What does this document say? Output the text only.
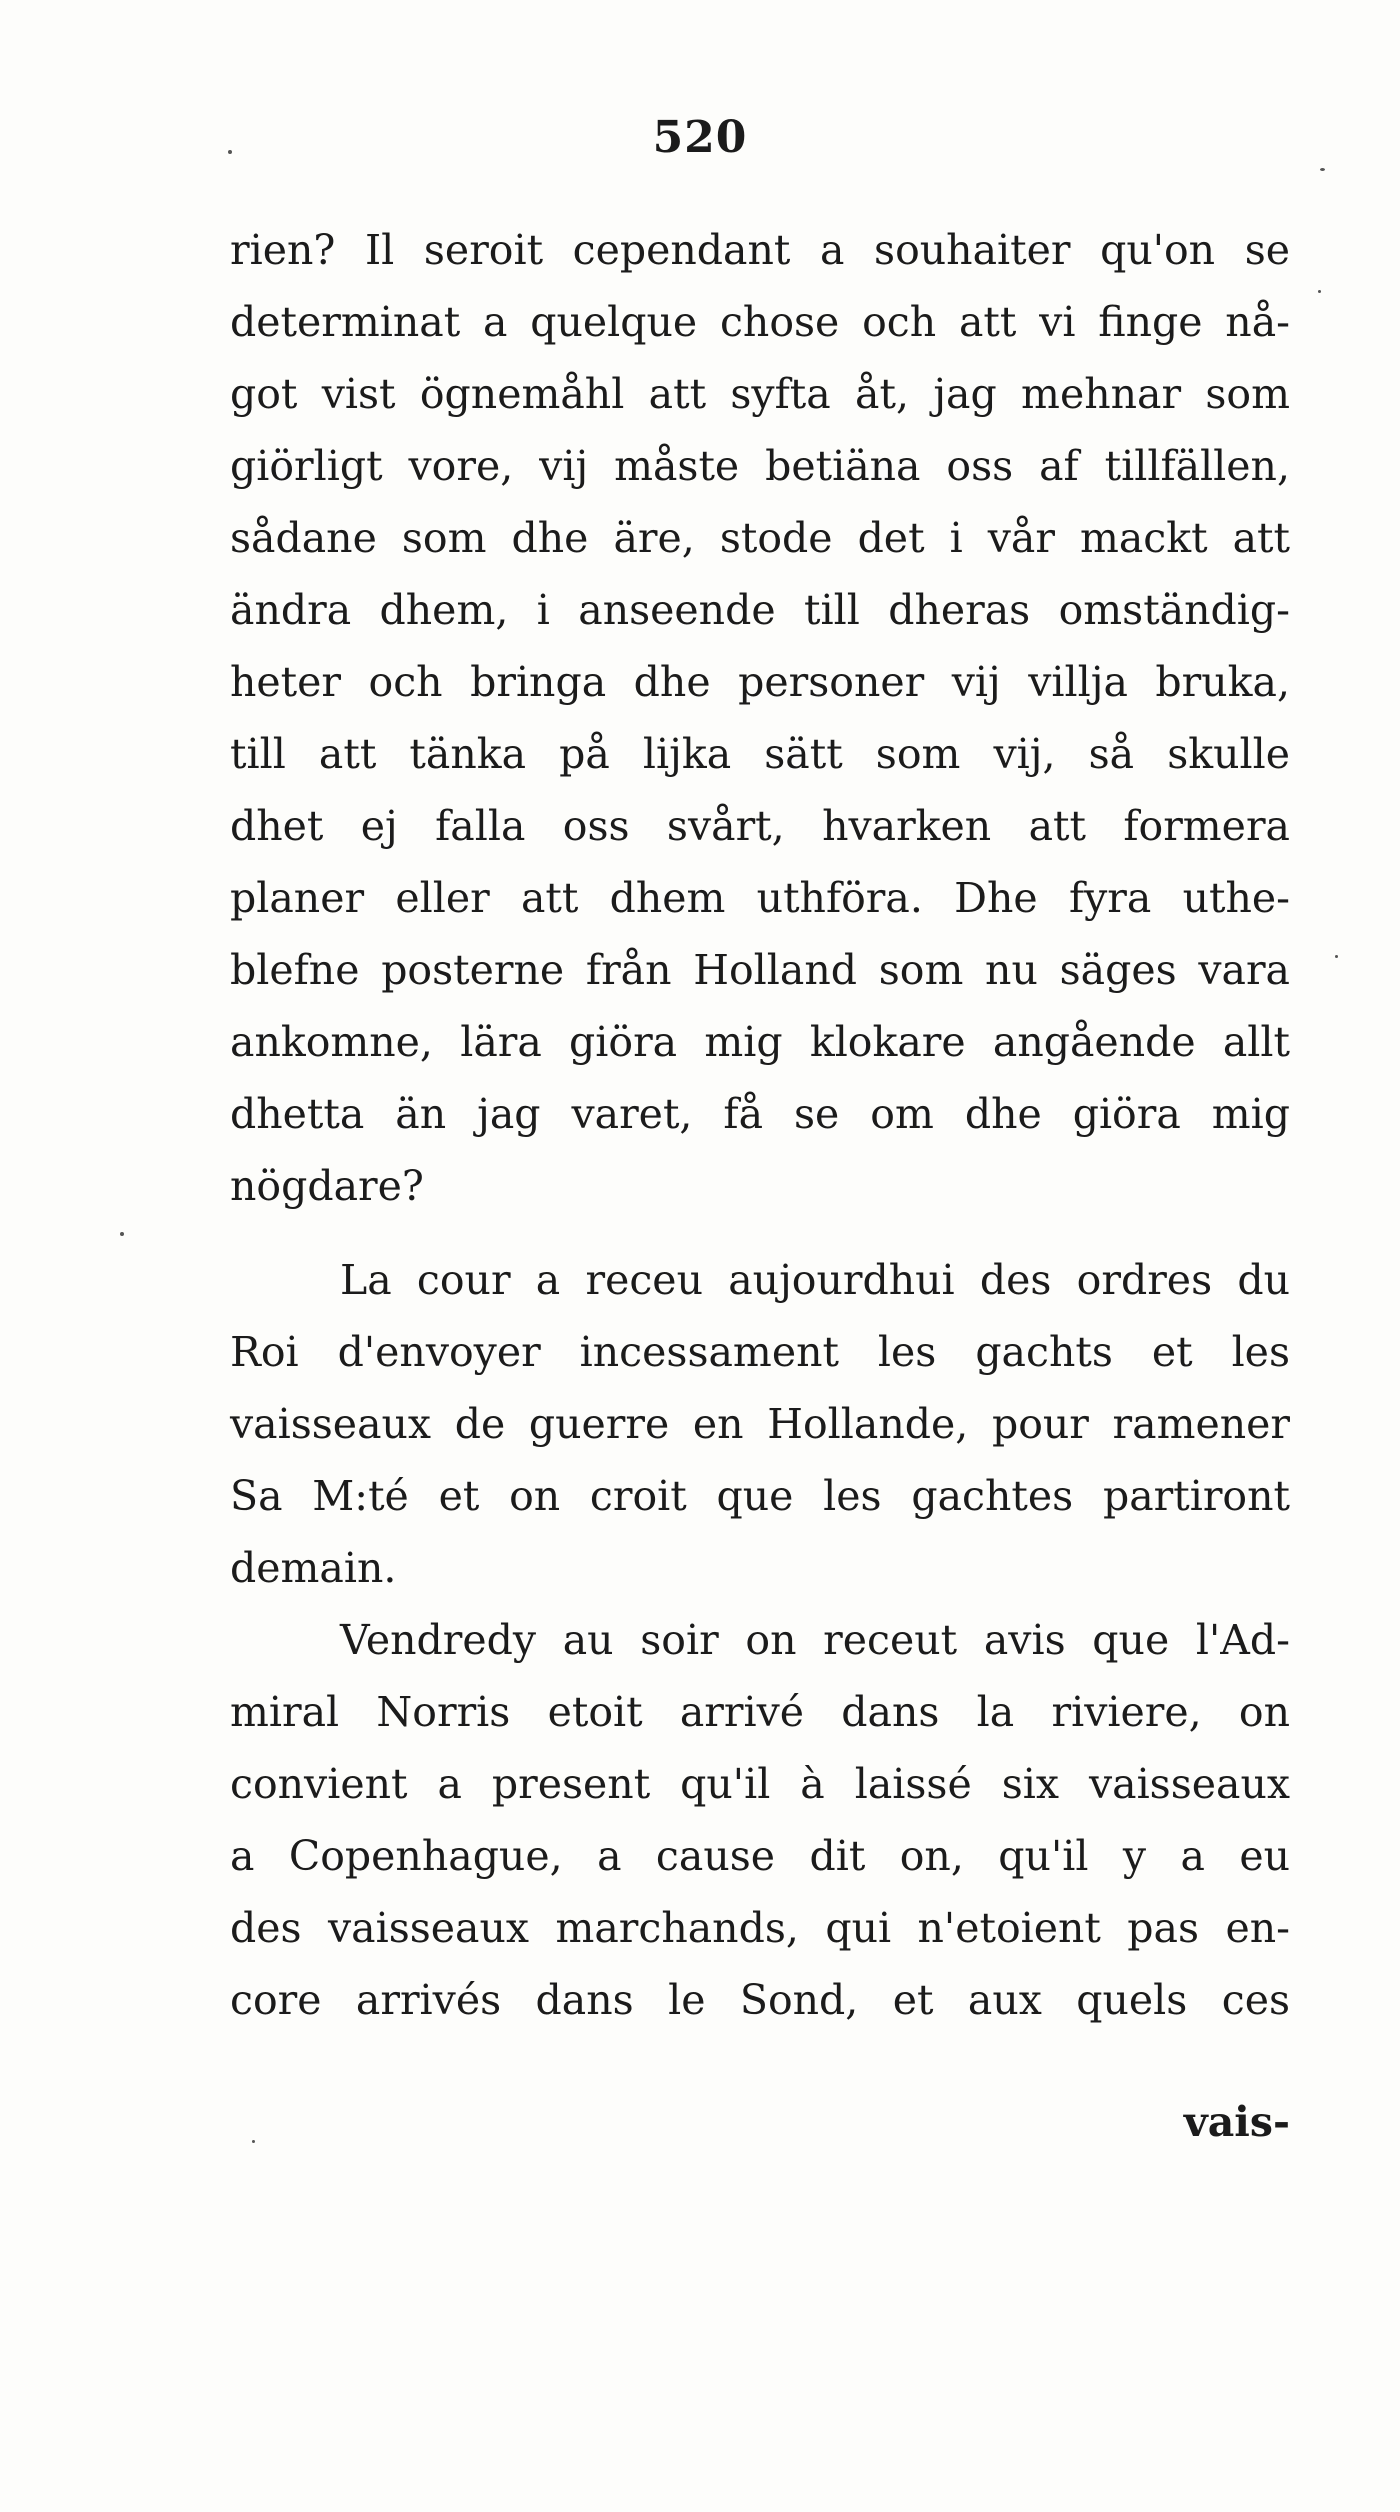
520
rien? Il seroit cependant a souhaiter qu'on se
determinat a quelque chose och att vi finge nå-
got vist ögnemåhl att syfta åt, jag mehnar som
giörligt vore, vij måste betiäna oss af tillfällen,
sådane som dhe äre, stode det i vår mackt att
ändra dhem, i anseende till dheras omständig-
heter och bringa dhe personer vij villja bruka,
till att tänka på lijka sätt som vij, så skulle
dhet ej falla oss svårt, hvarken att formera
planer eller att dhem uthföra. Dhe fyra uthe-
blefne posterne från Holland som nu säges vara
ankomne, lära giöra mig klokare angående allt
dhetta än jag varet, få se om dhe giöra mig
nögdare?
La cour a receu aujourdhui des ordres du
Roi d'envoyer incessament les gachts et les
vaisseaux de guerre en Hollande, pour ramener
Sa M:té et on croit que les gachtes partiront
demain.
Vendredy au soir on receut avis que l'Ad-
miral Norris etoit arrivé dans la riviere, on
convient a present qu'il à laissé six vaisseaux
a Copenhague, a cause dit on, qu'il y a eu
des vaisseaux marchands, qui n'etoient pas en-
core arrivés dans le Sond, et aux quels ces
vais-
